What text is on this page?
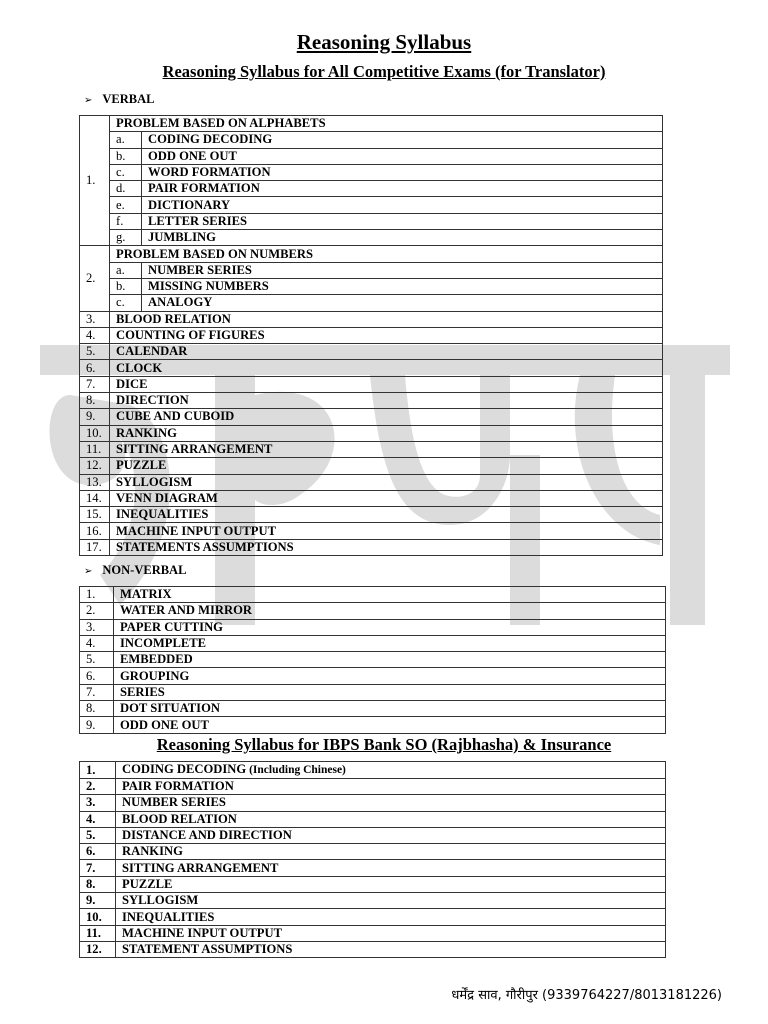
Reasoning Syllabus
Reasoning Syllabus for All Competitive Exams (for Translator)
➢ VERBAL
1.	PROBLEM BASED ON ALPHABETS	
	a.	CODING DECODING
	b.	ODD ONE OUT
	c.	WORD FORMATION
	d.	PAIR FORMATION
	e.	DICTIONARY
	f.	LETTER SERIES
	g.	JUMBLING
2.	PROBLEM BASED ON NUMBERS	
	a.	NUMBER SERIES
	b.	MISSING NUMBERS
	c.	ANALOGY
3.	BLOOD RELATION	
4.	COUNTING OF FIGURES	
5.	CALENDAR	
6.	CLOCK	
7.	DICE	
8.	DIRECTION	
9.	CUBE AND CUBOID	
10.	RANKING	
11.	SITTING ARRANGEMENT	
12.	PUZZLE	
13.	SYLLOGISM	
14.	VENN DIAGRAM	
15.	INEQUALITIES	
16.	MACHINE INPUT OUTPUT	
17.	STATEMENTS ASSUMPTIONS	
➢ NON-VERBAL
1.	MATRIX
2.	WATER AND MIRROR
3.	PAPER CUTTING
4.	INCOMPLETE
5.	EMBEDDED
6.	GROUPING
7.	SERIES
8.	DOT SITUATION
9.	ODD ONE OUT
Reasoning Syllabus for IBPS Bank SO (Rajbhasha) & Insurance
1.	CODING DECODING (Including Chinese)
2.	PAIR FORMATION
3.	NUMBER SERIES
4.	BLOOD RELATION
5.	DISTANCE AND DIRECTION
6.	RANKING
7.	SITTING ARRANGEMENT
8.	PUZZLE
9.	SYLLOGISM
10.	INEQUALITIES
11.	MACHINE INPUT OUTPUT
12.	STATEMENT ASSUMPTIONS
धर्मेंद्र साव, गौरीपुर (9339764227/8013181226)
